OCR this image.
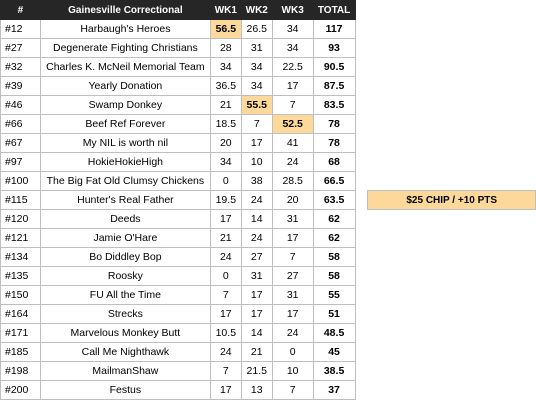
#	Gainesville Correctional	WK1	WK2	WK3	TOTAL		
#12	Harbaugh's Heroes	56.5	26.5	34	117		
#27	Degenerate Fighting Christians	28	31	34	93		
#32	Charles K. McNeil Memorial Team	34	34	22.5	90.5		
#39	Yearly Donation	36.5	34	17	87.5		
#46	Swamp Donkey	21	55.5	7	83.5		
#66	Beef Ref Forever	18.5	7	52.5	78		
#67	My NIL is worth nil	20	17	41	78		
#97	HokieHokieHigh	34	10	24	68		
#100	The Big Fat Old Clumsy Chickens	0	38	28.5	66.5		
#115	Hunter's Real Father	19.5	24	20	63.5		$25 CHIP / +10 PTS
#120	Deeds	17	14	31	62		
#121	Jamie O'Hare	21	24	17	62		
#134	Bo Diddley Bop	24	27	7	58		
#135	Roosky	0	31	27	58		
#150	FU All the Time	7	17	31	55		
#164	Strecks	17	17	17	51		
#171	Marvelous Monkey Butt	10.5	14	24	48.5		
#185	Call Me Nighthawk	24	21	0	45		
#198	MailmanShaw	7	21.5	10	38.5		
#200	Festus	17	13	7	37		
